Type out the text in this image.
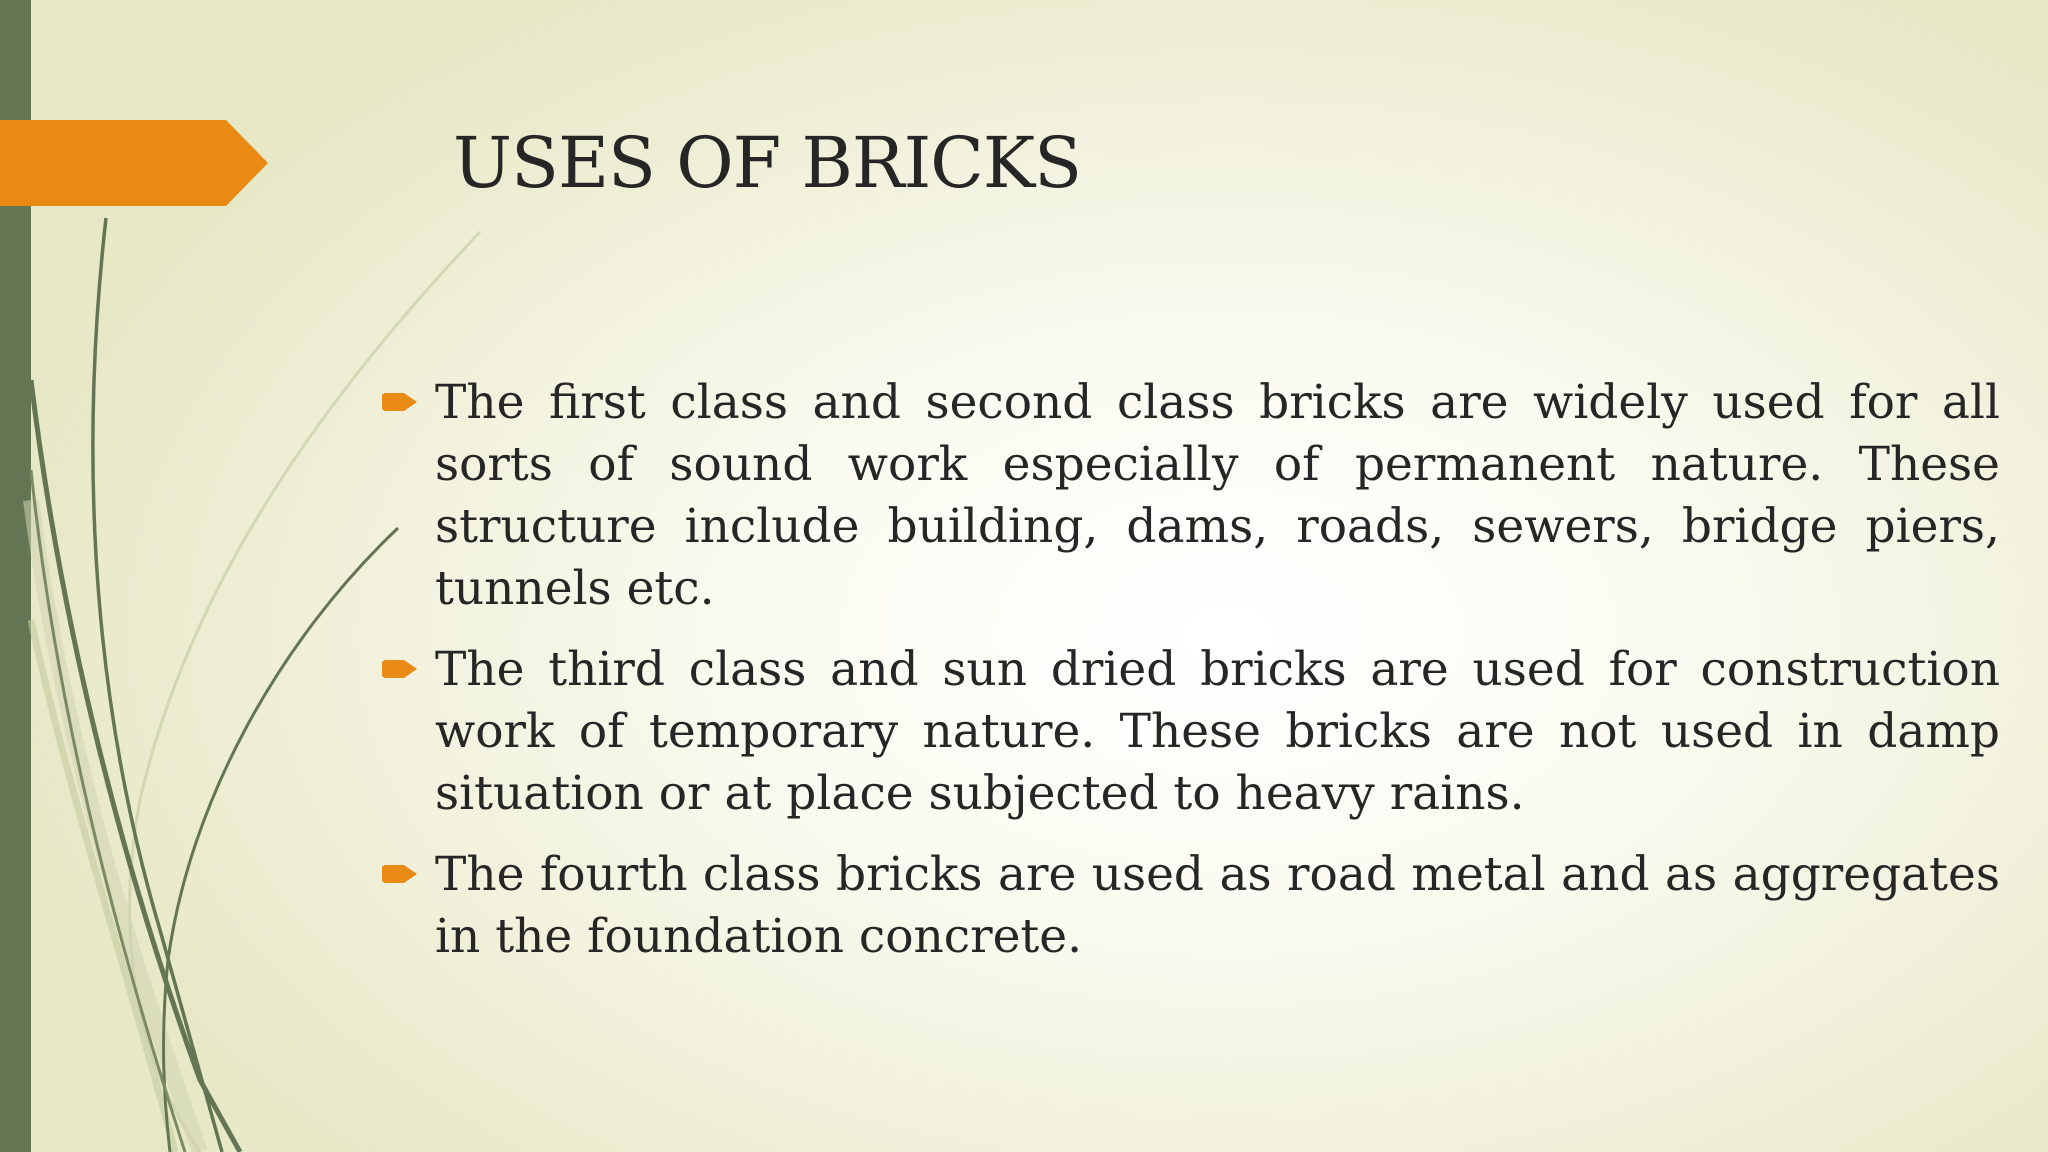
USES OF BRICKS
The first class and second class bricks are widely used for all sorts of sound work especially of permanent nature. These structure include building, dams, roads, sewers, bridge piers, tunnels etc.
The third class and sun dried bricks are used for construction work of temporary nature. These bricks are not used in damp situation or at place subjected to heavy rains.
The fourth class bricks are used as road metal and as aggregates in the foundation concrete.
